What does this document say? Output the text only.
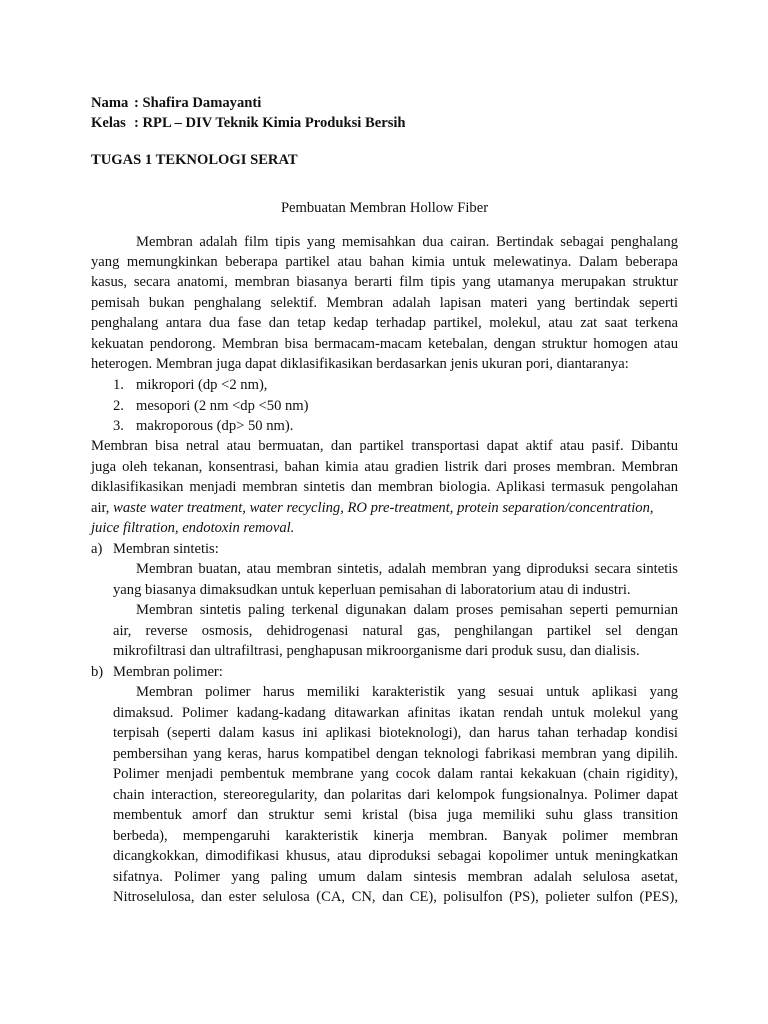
Nama : Shafira Damayanti
Kelas : RPL – DIV Teknik Kimia Produksi Bersih
TUGAS 1 TEKNOLOGI SERAT
Pembuatan Membran Hollow Fiber
Membran adalah film tipis yang memisahkan dua cairan. Bertindak sebagai penghalang
yang memungkinkan beberapa partikel atau bahan kimia untuk melewatinya. Dalam beberapa
kasus, secara anatomi, membran biasanya berarti film tipis yang utamanya merupakan struktur
pemisah bukan penghalang selektif. Membran adalah lapisan materi yang bertindak seperti
penghalang antara dua fase dan tetap kedap terhadap partikel, molekul, atau zat saat terkena
kekuatan pendorong. Membran bisa bermacam-macam ketebalan, dengan struktur homogen atau
heterogen. Membran juga dapat diklasifikasikan berdasarkan jenis ukuran pori, diantaranya:
1. mikropori (dp <2 nm),
2. mesopori (2 nm <dp <50 nm)
3. makroporous (dp> 50 nm).
Membran bisa netral atau bermuatan, dan partikel transportasi dapat aktif atau pasif. Dibantu
juga oleh tekanan, konsentrasi, bahan kimia atau gradien listrik dari proses membran. Membran
diklasifikasikan menjadi membran sintetis dan membran biologia. Aplikasi termasuk pengolahan
air, waste water treatment, water recycling, RO pre-treatment, protein separation/concentration,
juice filtration, endotoxin removal.
a) Membran sintetis:
Membran buatan, atau membran sintetis, adalah membran yang diproduksi secara sintetis
yang biasanya dimaksudkan untuk keperluan pemisahan di laboratorium atau di industri.
Membran sintetis paling terkenal digunakan dalam proses pemisahan seperti pemurnian
air, reverse osmosis, dehidrogenasi natural gas, penghilangan partikel sel dengan
mikrofiltrasi dan ultrafiltrasi, penghapusan mikroorganisme dari produk susu, dan dialisis.
b) Membran polimer:
Membran polimer harus memiliki karakteristik yang sesuai untuk aplikasi yang
dimaksud. Polimer kadang-kadang ditawarkan afinitas ikatan rendah untuk molekul yang
terpisah (seperti dalam kasus ini aplikasi bioteknologi), dan harus tahan terhadap kondisi
pembersihan yang keras, harus kompatibel dengan teknologi fabrikasi membran yang dipilih.
Polimer menjadi pembentuk membrane yang cocok dalam rantai kekakuan (chain rigidity),
chain interaction, stereoregularity, dan polaritas dari kelompok fungsionalnya. Polimer dapat
membentuk amorf dan struktur semi kristal (bisa juga memiliki suhu glass transition
berbeda), mempengaruhi karakteristik kinerja membran. Banyak polimer membran
dicangkokkan, dimodifikasi khusus, atau diproduksi sebagai kopolimer untuk meningkatkan
sifatnya. Polimer yang paling umum dalam sintesis membran adalah selulosa asetat,
Nitroselulosa, dan ester selulosa (CA, CN, dan CE), polisulfon (PS), polieter sulfon (PES),
